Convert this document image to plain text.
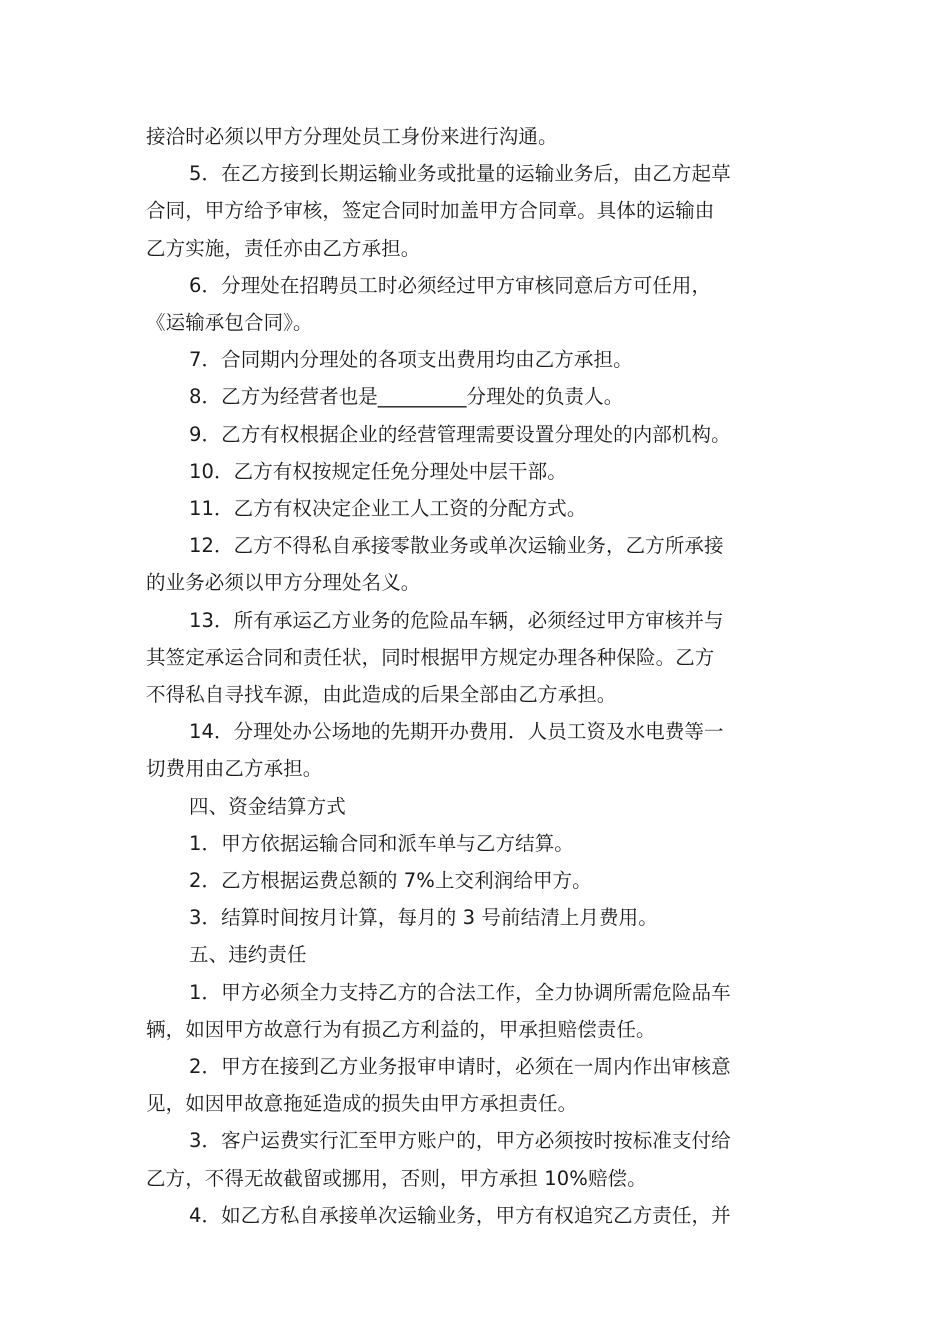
接洽时必须以甲方分理处员工身份来进行沟通。

5．在乙方接到长期运输业务或批量的运输业务后，由乙方起草

合同，甲方给予审核，签定合同时加盖甲方合同章。具体的运输由

乙方实施，责任亦由乙方承担。

6．分理处在招聘员工时必须经过甲方审核同意后方可任用，

《运输承包合同》。

7．合同期内分理处的各项支出费用均由乙方承担。

8．乙方为经营者也是_________分理处的负责人。

9．乙方有权根据企业的经营管理需要设置分理处的内部机构。

10．乙方有权按规定任免分理处中层干部。

11．乙方有权决定企业工人工资的分配方式。

12．乙方不得私自承接零散业务或单次运输业务，乙方所承接

的业务必须以甲方分理处名义。

13．所有承运乙方业务的危险品车辆，必须经过甲方审核并与

其签定承运合同和责任状，同时根据甲方规定办理各种保险。乙方

不得私自寻找车源，由此造成的后果全部由乙方承担。

14．分理处办公场地的先期开办费用．人员工资及水电费等一

切费用由乙方承担。

四、资金结算方式

1．甲方依据运输合同和派车单与乙方结算。

2．乙方根据运费总额的 7%上交利润给甲方。

3．结算时间按月计算，每月的 3 号前结清上月费用。

五、违约责任

1．甲方必须全力支持乙方的合法工作，全力协调所需危险品车

辆，如因甲方故意行为有损乙方利益的，甲承担赔偿责任。

2．甲方在接到乙方业务报审申请时，必须在一周内作出审核意

见，如因甲故意拖延造成的损失由甲方承担责任。

3．客户运费实行汇至甲方账户的，甲方必须按时按标准支付给

乙方，不得无故截留或挪用，否则，甲方承担 10%赔偿。

4．如乙方私自承接单次运输业务，甲方有权追究乙方责任，并
